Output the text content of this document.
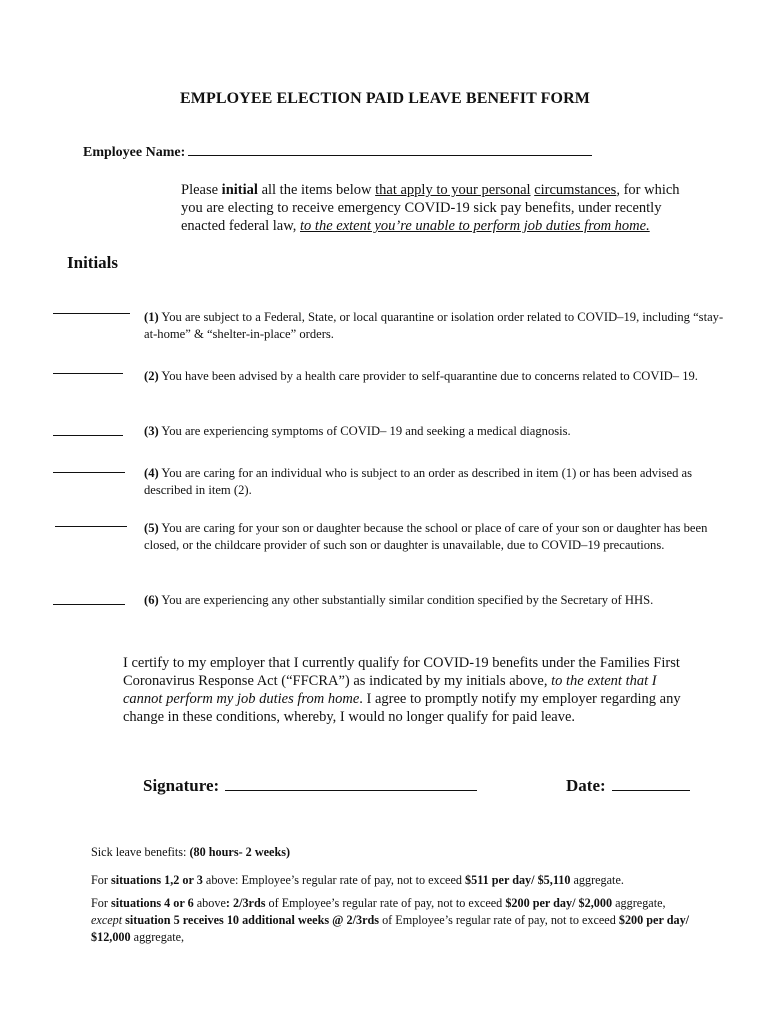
EMPLOYEE ELECTION PAID LEAVE BENEFIT FORM
Employee Name:
Please initial all the items below that apply to your personal circumstances, for which you are electing to receive emergency COVID-19 sick pay benefits, under recently enacted federal law, to the extent you’re unable to perform job duties from home.
Initials
(1) You are subject to a Federal, State, or local quarantine or isolation order related to COVID–19, including “stay-at-home” & “shelter-in-place” orders.
(2) You have been advised by a health care provider to self-quarantine due to concerns related to COVID– 19.
(3) You are experiencing symptoms of COVID– 19 and seeking a medical diagnosis.
(4) You are caring for an individual who is subject to an order as described in item (1) or has been advised as described in item (2).
(5) You are caring for your son or daughter because the school or place of care of your son or daughter has been closed, or the childcare provider of such son or daughter is unavailable, due to COVID–19 precautions.
(6) You are experiencing any other substantially similar condition specified by the Secretary of HHS.
I certify to my employer that I currently qualify for COVID-19 benefits under the Families First Coronavirus Response Act (“FFCRA”) as indicated by my initials above, to the extent that I cannot perform my job duties from home. I agree to promptly notify my employer regarding any change in these conditions, whereby, I would no longer qualify for paid leave.
Signature:	Date:
Sick leave benefits: (80 hours- 2 weeks)
For situations 1,2 or 3 above: Employee’s regular rate of pay, not to exceed $511 per day/ $5,110 aggregate.
For situations 4 or 6 above: 2/3rds of Employee’s regular rate of pay, not to exceed $200 per day/ $2,000 aggregate, except situation 5 receives 10 additional weeks @ 2/3rds of Employee’s regular rate of pay, not to exceed $200 per day/ $12,000 aggregate,
